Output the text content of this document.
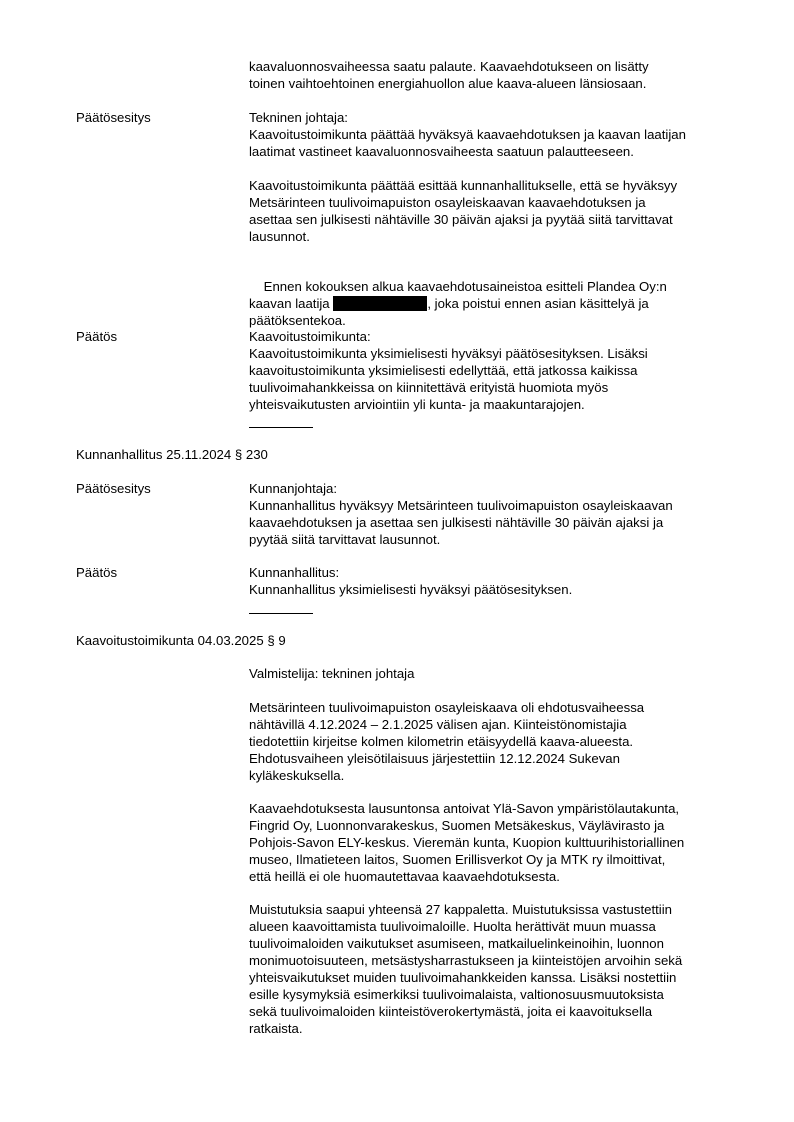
kaavaluonnosvaiheessa saatu palaute. Kaavaehdotukseen on lisätty
toinen vaihtoehtoinen energiahuollon alue kaava-alueen länsiosaan.

Päätösesitys	Tekninen johtaja:

Kaavoitustoimikunta päättää hyväksyä kaavaehdotuksen ja kaavan laatijan
laatimat vastineet kaavaluonnosvaiheesta saatuun palautteeseen.

Kaavoitustoimikunta päättää esittää kunnanhallitukselle, että se hyväksyy
Metsärinteen tuulivoimapuiston osayleiskaavan kaavaehdotuksen ja
asettaa sen julkisesti nähtäville 30 päivän ajaksi ja pyytää siitä tarvittavat
lausunnot.

Ennen kokouksen alkua kaavaehdotusaineistoa esitteli Plandea Oy:n
kaavan laatija	, joka poistui ennen asian käsittelyä ja
päätöksentekoa.

Päätös	Kaavoitustoimikunta:

Kaavoitustoimikunta yksimielisesti hyväksyi päätösesityksen. Lisäksi
kaavoitustoimikunta yksimielisesti edellyttää, että jatkossa kaikissa
tuulivoimahankkeissa on kiinnitettävä erityistä huomiota myös
yhteisvaikutusten arviointiin yli kunta- ja maakuntarajojen.

Kunnanhallitus 25.11.2024 § 230

Päätösesitys	Kunnanjohtaja:

Kunnanhallitus hyväksyy Metsärinteen tuulivoimapuiston osayleiskaavan
kaavaehdotuksen ja asettaa sen julkisesti nähtäville 30 päivän ajaksi ja
pyytää siitä tarvittavat lausunnot.

Päätös	Kunnanhallitus:

Kunnanhallitus yksimielisesti hyväksyi päätösesityksen.

Kaavoitustoimikunta 04.03.2025 § 9

Valmistelija: tekninen johtaja

Metsärinteen tuulivoimapuiston osayleiskaava oli ehdotusvaiheessa
nähtävillä 4.12.2024 – 2.1.2025 välisen ajan. Kiinteistönomistajia
tiedotettiin kirjeitse kolmen kilometrin etäisyydellä kaava-alueesta.
Ehdotusvaiheen yleisötilaisuus järjestettiin 12.12.2024 Sukevan
kyläkeskuksella.

Kaavaehdotuksesta lausuntonsa antoivat Ylä-Savon ympäristölautakunta,
Fingrid Oy, Luonnonvarakeskus, Suomen Metsäkeskus, Väylävirasto ja
Pohjois-Savon ELY-keskus. Vieremän kunta, Kuopion kulttuurihistoriallinen
museo, Ilmatieteen laitos, Suomen Erillisverkot Oy ja MTK ry ilmoittivat,
että heillä ei ole huomautettavaa kaavaehdotuksesta.

Muistutuksia saapui yhteensä 27 kappaletta. Muistutuksissa vastustettiin
alueen kaavoittamista tuulivoimaloille. Huolta herättivät muun muassa
tuulivoimaloiden vaikutukset asumiseen, matkailuelinkeinoihin, luonnon
monimuotoisuuteen, metsästysharrastukseen ja kiinteistöjen arvoihin sekä
yhteisvaikutukset muiden tuulivoimahankkeiden kanssa. Lisäksi nostettiin
esille kysymyksiä esimerkiksi tuulivoimalaista, valtionosuusmuutoksista
sekä tuulivoimaloiden kiinteistöverokertymästä, joita ei kaavoituksella
ratkaista.
